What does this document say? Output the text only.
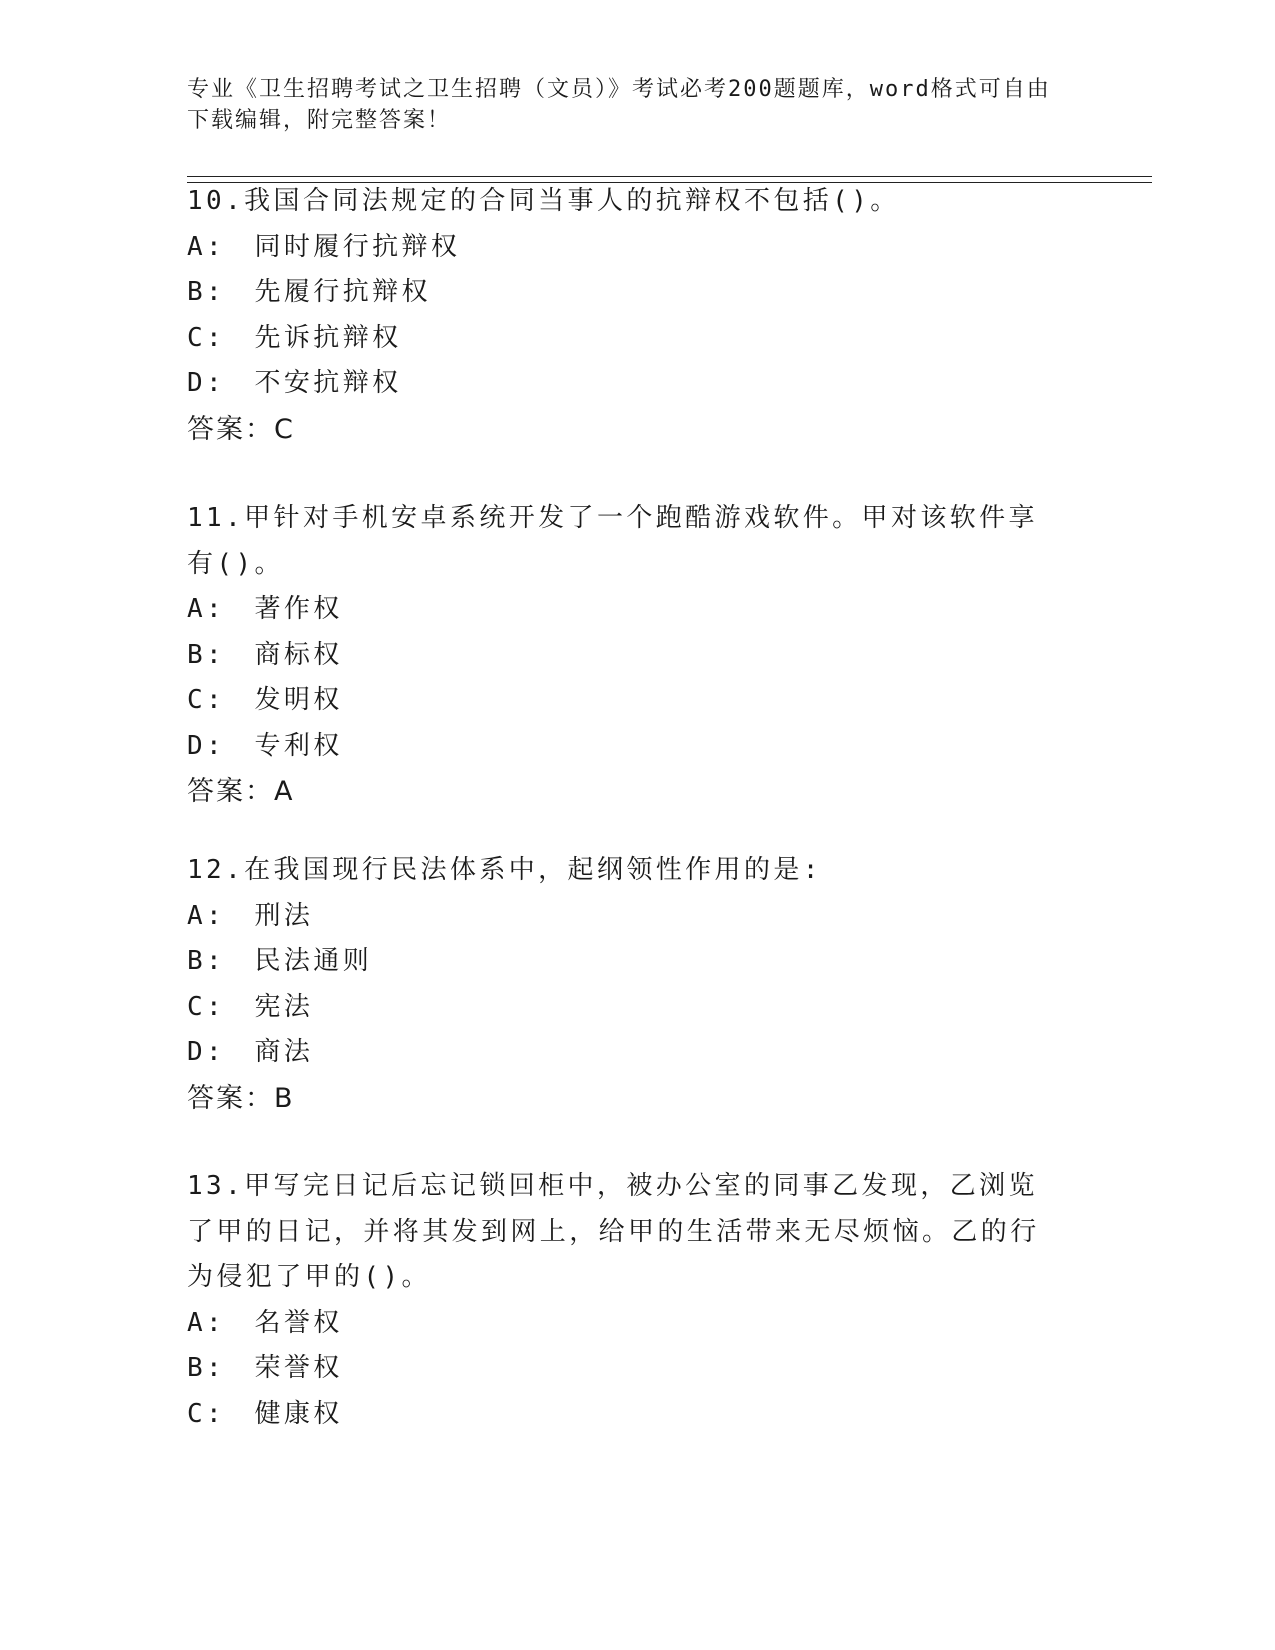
专业《卫生招聘考试之卫生招聘（文员）》考试必考200题题库，word格式可自由下载编辑，附完整答案！
10.我国合同法规定的合同当事人的抗辩权不包括()。
A:　同时履行抗辩权
B:　先履行抗辩权
C:　先诉抗辩权
D:　不安抗辩权
答案：C
11.甲针对手机安卓系统开发了一个跑酷游戏软件。甲对该软件享有()。
A:　著作权
B:　商标权
C:　发明权
D:　专利权
答案：A
12.在我国现行民法体系中，起纲领性作用的是:
A:　刑法
B:　民法通则
C:　宪法
D:　商法
答案：B
13.甲写完日记后忘记锁回柜中，被办公室的同事乙发现，乙浏览了甲的日记，并将其发到网上，给甲的生活带来无尽烦恼。乙的行为侵犯了甲的()。
A:　名誉权
B:　荣誉权
C:　健康权
